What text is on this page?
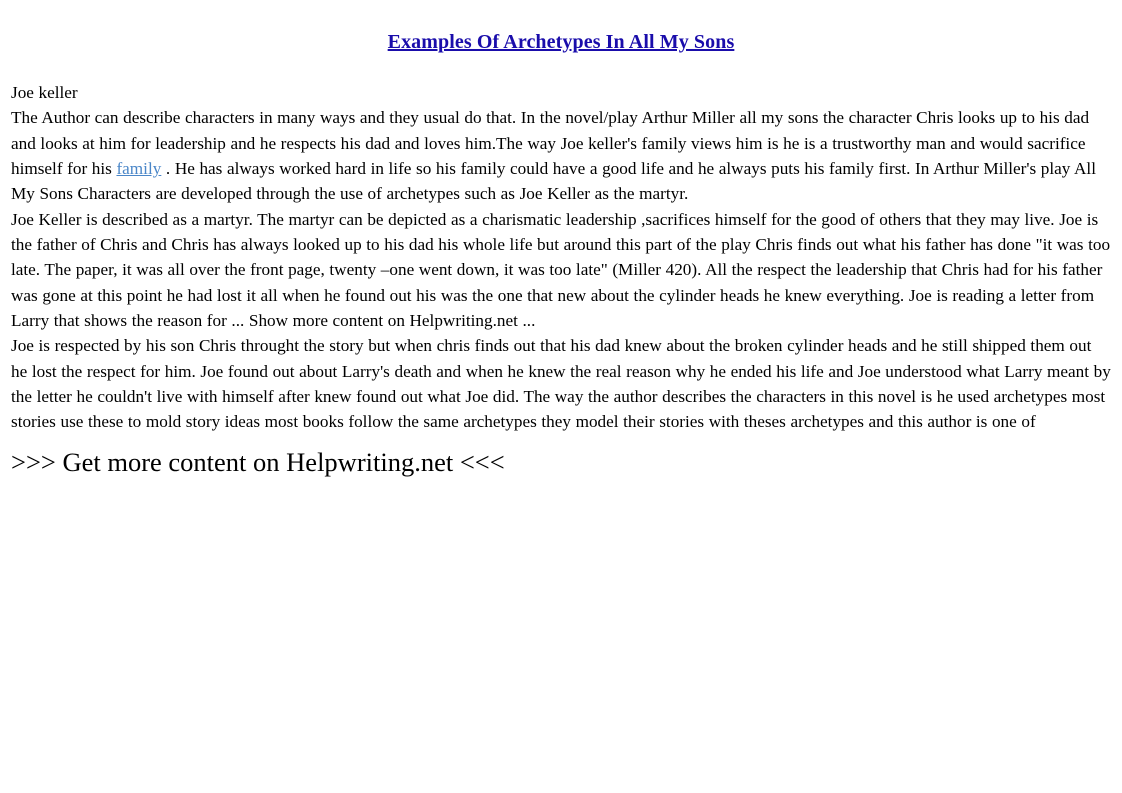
Examples Of Archetypes In All My Sons

Joe keller

The Author can describe characters in many ways and they usual do that. In the novel/play Arthur Miller all my sons the character Chris looks up to his dad and looks at him for leadership and he respects his dad and loves him.The way Joe keller's family views him is he is a trustworthy man and would sacrifice himself for his family . He has always worked hard in life so his family could have a good life and he always puts his family first. In Arthur Miller's play All My Sons Characters are developed through the use of archetypes such as Joe Keller as the martyr.

Joe Keller is described as a martyr. The martyr can be depicted as a charismatic leadership ,sacrifices himself for the good of others that they may live. Joe is the father of Chris and Chris has always looked up to his dad his whole life but around this part of the play Chris finds out what his father has done "it was too late. The paper, it was all over the front page, twenty –one went down, it was too late" (Miller 420). All the respect the leadership that Chris had for his father was gone at this point he had lost it all when he found out his was the one that new about the cylinder heads he knew everything. Joe is reading a letter from Larry that shows the reason for ... Show more content on Helpwriting.net ...

Joe is respected by his son Chris throught the story but when chris finds out that his dad knew about the broken cylinder heads and he still shipped them out he lost the respect for him. Joe found out about Larry's death and when he knew the real reason why he ended his life and Joe understood what Larry meant by the letter he couldn't live with himself after knew found out what Joe did. The way the author describes the characters in this novel is he used archetypes most stories use these to mold story ideas most books follow the same archetypes they model their stories with theses archetypes and this author is one of

>>> Get more content on Helpwriting.net <<<
